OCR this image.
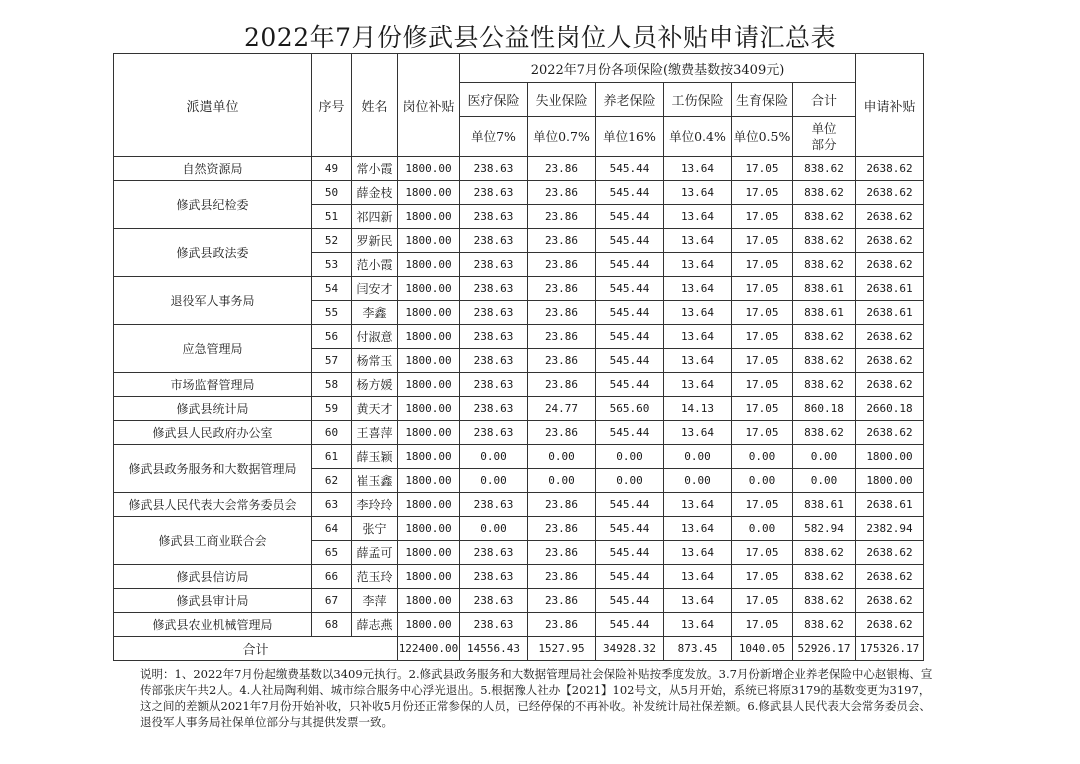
2022年7月份修武县公益性岗位人员补贴申请汇总表
派遣单位	序号	姓名	岗位补贴	2022年7月份各项保险(缴费基数按3409元)						申请补贴
				医疗保险	失业保险	养老保险	工伤保险	生育保险	合计	
				单位7%	单位0.7%	单位16%	单位0.4%	单位0.5%	单位部分	
自然资源局	49	常小霞	1800.00	238.63	23.86	545.44	13.64	17.05	838.62	2638.62
修武县纪检委	50	薛金枝	1800.00	238.63	23.86	545.44	13.64	17.05	838.62	2638.62
	51	祁四新	1800.00	238.63	23.86	545.44	13.64	17.05	838.62	2638.62
修武县政法委	52	罗新民	1800.00	238.63	23.86	545.44	13.64	17.05	838.62	2638.62
	53	范小霞	1800.00	238.63	23.86	545.44	13.64	17.05	838.62	2638.62
退役军人事务局	54	闫安才	1800.00	238.63	23.86	545.44	13.64	17.05	838.61	2638.61
	55	李鑫	1800.00	238.63	23.86	545.44	13.64	17.05	838.61	2638.61
应急管理局	56	付淑意	1800.00	238.63	23.86	545.44	13.64	17.05	838.62	2638.62
	57	杨常玉	1800.00	238.63	23.86	545.44	13.64	17.05	838.62	2638.62
市场监督管理局	58	杨方媛	1800.00	238.63	23.86	545.44	13.64	17.05	838.62	2638.62
修武县统计局	59	黄天才	1800.00	238.63	24.77	565.60	14.13	17.05	860.18	2660.18
修武县人民政府办公室	60	王喜萍	1800.00	238.63	23.86	545.44	13.64	17.05	838.62	2638.62
修武县政务服务和大数据管理局	61	薛玉颖	1800.00	0.00	0.00	0.00	0.00	0.00	0.00	1800.00
	62	崔玉鑫	1800.00	0.00	0.00	0.00	0.00	0.00	0.00	1800.00
修武县人民代表大会常务委员会	63	李玲玲	1800.00	238.63	23.86	545.44	13.64	17.05	838.61	2638.61
修武县工商业联合会	64	张宁	1800.00	0.00	23.86	545.44	13.64	0.00	582.94	2382.94
	65	薛孟可	1800.00	238.63	23.86	545.44	13.64	17.05	838.62	2638.62
修武县信访局	66	范玉玲	1800.00	238.63	23.86	545.44	13.64	17.05	838.62	2638.62
修武县审计局	67	李萍	1800.00	238.63	23.86	545.44	13.64	17.05	838.62	2638.62
修武县农业机械管理局	68	薛志燕	1800.00	238.63	23.86	545.44	13.64	17.05	838.62	2638.62
合计			122400.00	14556.43	1527.95	34928.32	873.45	1040.05	52926.17	175326.17

说明：1、2022年7月份起缴费基数以3409元执行。2.修武县政务服务和大数据管理局社会保险补贴按季度发放。3.7月份新增企业养老保险中心赵银梅、宣传部张庆午共2人。4.人社局陶利娟、城市综合服务中心浮光退出。5.根据豫人社办【2021】102号文，从5月开始，系统已将原3179的基数变更为3197，这之间的差额从2021年7月份开始补收，只补收5月份还正常参保的人员，已经停保的不再补收。补发统计局社保差额。6.修武县人民代表大会常务委员会、退役军人事务局社保单位部分与其提供发票一致。
